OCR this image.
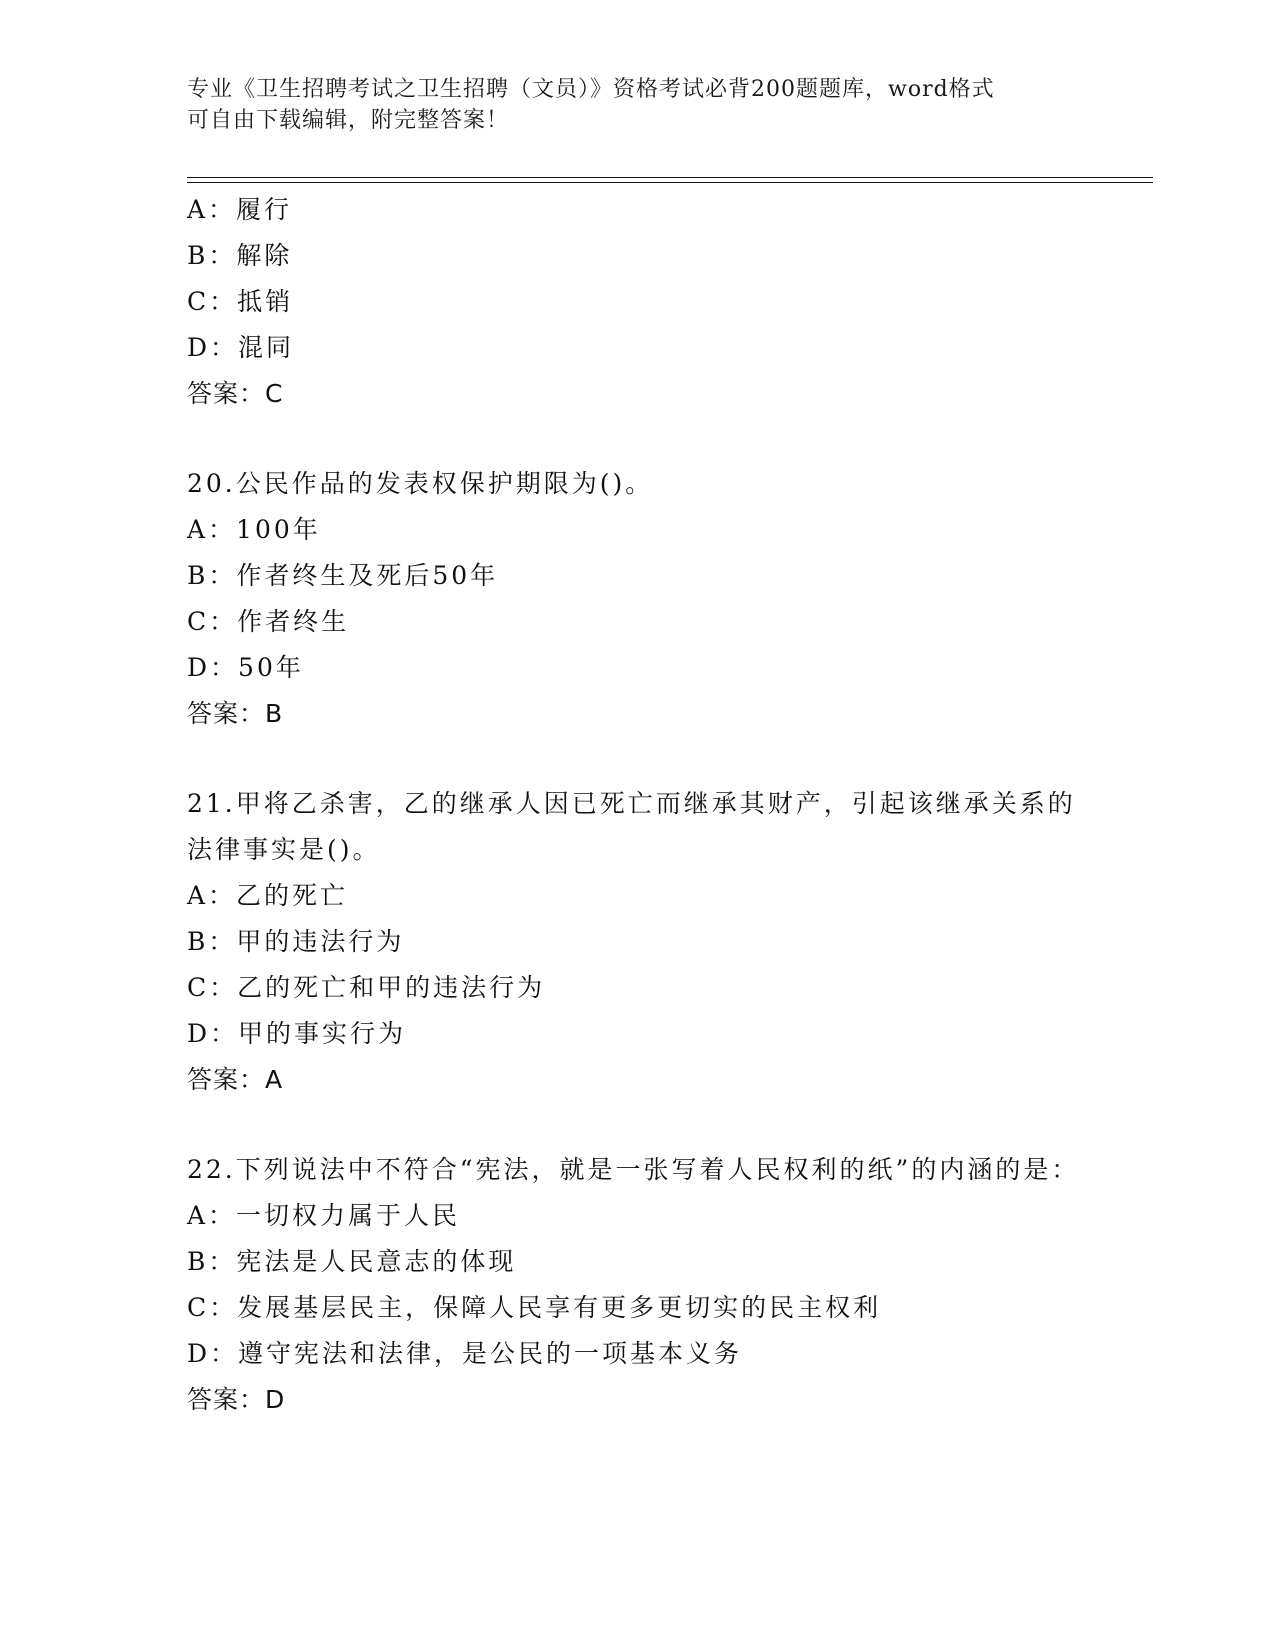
专业《卫生招聘考试之卫生招聘（文员）》资格考试必背200题题库，word格式
可自由下载编辑，附完整答案！
A：履行
B：解除
C：抵销
D：混同
答案：C
20.公民作品的发表权保护期限为()。
A：100年
B：作者终生及死后50年
C：作者终生
D：50年
答案：B
21.甲将乙杀害，乙的继承人因已死亡而继承其财产，引起该继承关系的法律事实是()。
A：乙的死亡
B：甲的违法行为
C：乙的死亡和甲的违法行为
D：甲的事实行为
答案：A
22.下列说法中不符合“宪法，就是一张写着人民权利的纸”的内涵的是：
A：一切权力属于人民
B：宪法是人民意志的体现
C：发展基层民主，保障人民享有更多更切实的民主权利
D：遵守宪法和法律，是公民的一项基本义务
答案：D
